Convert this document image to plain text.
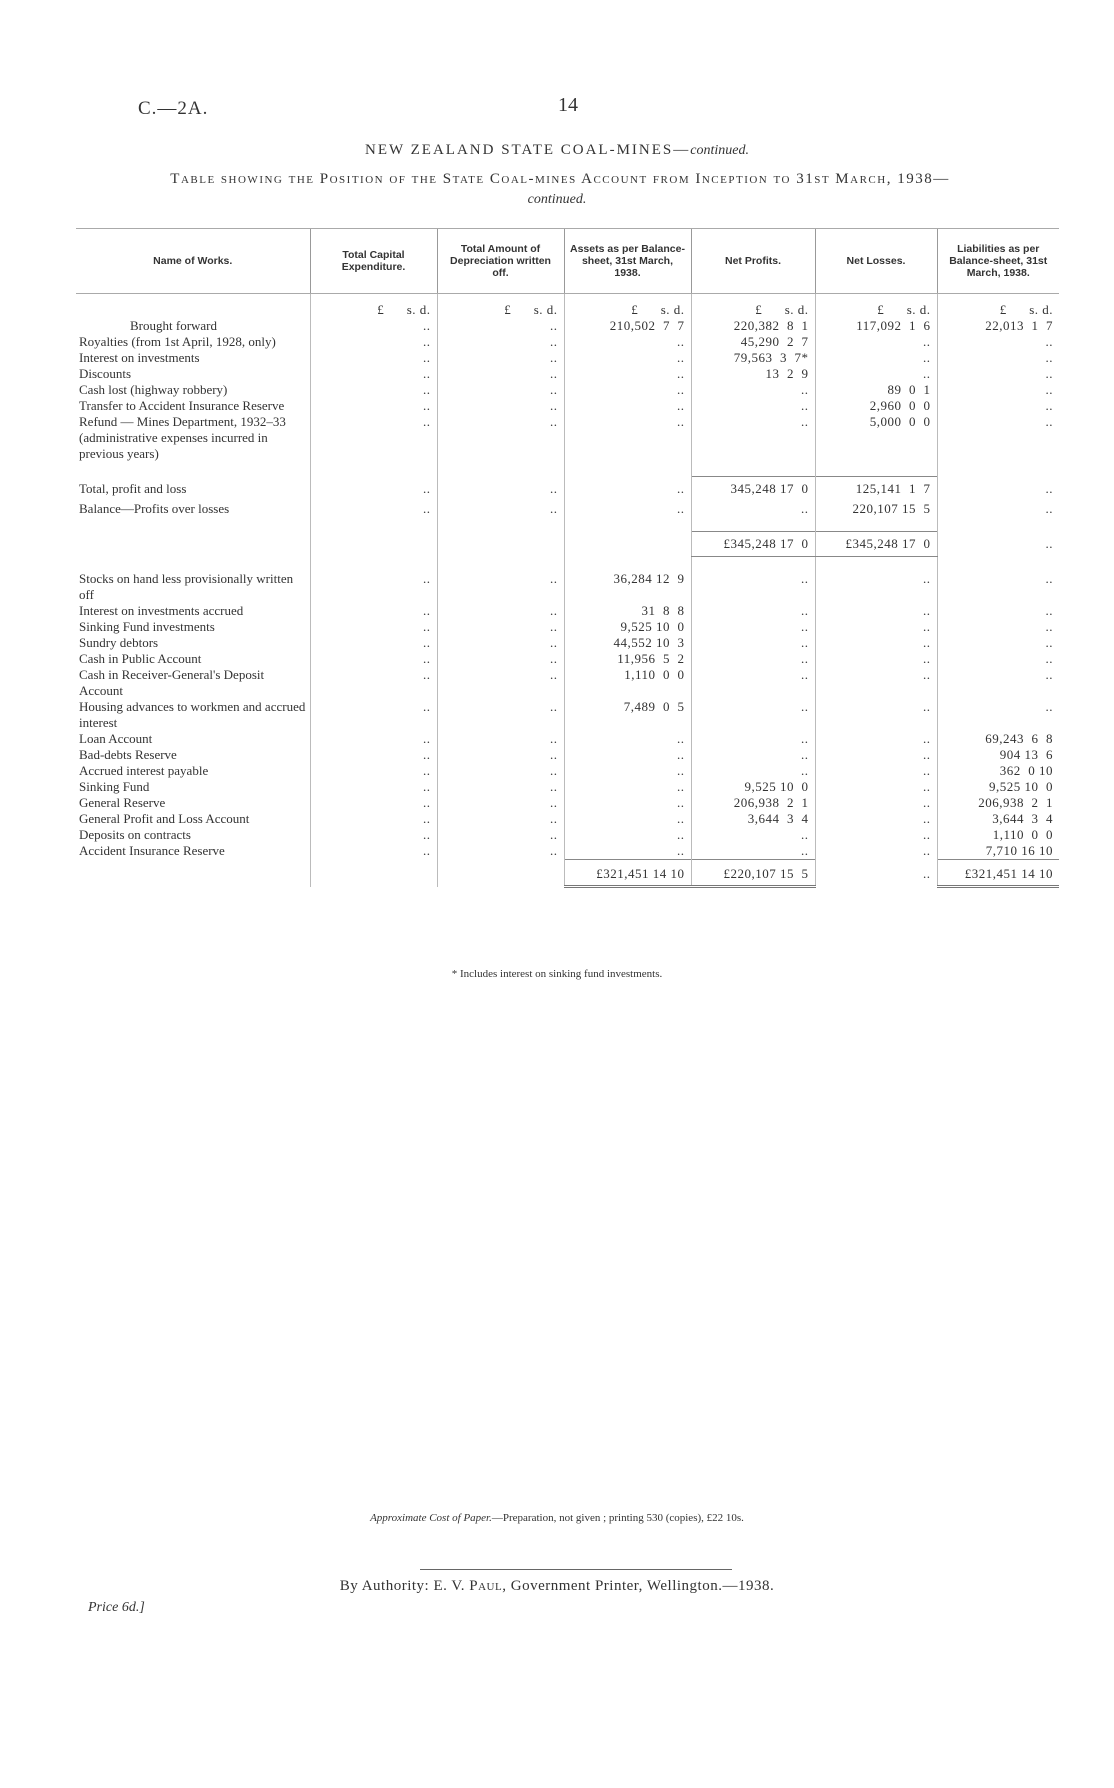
C.—2A.	14
NEW ZEALAND STATE COAL-MINES—continued.
Table showing the Position of the State Coal-mines Account from Inception to 31st March, 1938—
continued.
Name of Works.	Total Capital Expenditure.	Total Amount of Depreciation written off.	Assets as per Balance-sheet, 31st March, 1938.	Net Profits.	Net Losses.	Liabilities as per Balance-sheet, 31st March, 1938.
	£      s. d.	£      s. d.	£      s. d.	£      s. d.	£      s. d.	£      s. d.
Brought forward	..	..	210,502  7  7	220,382  8  1	117,092  1  6	22,013  1  7
Royalties (from 1st April, 1928, only)	..	..	..	45,290  2  7	..	..
Interest on investments	..	..	..	79,563  3  7*	..	..
Discounts	..	..	..	13  2  9	..	..
Cash lost (highway robbery)	..	..	..	..	89  0  1	..
Transfer to Accident Insurance Reserve	..	..	..	..	2,960  0  0	..
Refund — Mines Department, 1932–33 (administrative expenses incurred in previous years)	..	..	..	..	5,000  0  0	..

Total, profit and loss	..	..	..	345,248 17  0	125,141  1  7	..
Balance—Profits over losses	..	..	..	..	220,107 15  5	..

				£345,248 17  0	£345,248 17  0	..

Stocks on hand less provisionally written off	..	..	36,284 12  9	..	..	..
Interest on investments accrued	..	..	31  8  8	..	..	..
Sinking Fund investments	..	..	9,525 10  0	..	..	..
Sundry debtors	..	..	44,552 10  3	..	..	..
Cash in Public Account	..	..	11,956  5  2	..	..	..
Cash in Receiver-General's Deposit Account	..	..	1,110  0  0	..	..	..
Housing advances to workmen and accrued interest	..	..	7,489  0  5	..	..	..
Loan Account	..	..	..	..	..	69,243  6  8
Bad-debts Reserve	..	..	..	..	..	904 13  6
Accrued interest payable	..	..	..	..	..	362  0 10
Sinking Fund	..	..	..	9,525 10  0	..	9,525 10  0
General Reserve	..	..	..	206,938  2  1	..	206,938  2  1
General Profit and Loss Account	..	..	..	3,644  3  4	..	3,644  3  4
Deposits on contracts	..	..	..	..	..	1,110  0  0
Accident Insurance Reserve	..	..	..	..	..	7,710 16 10
			£321,451 14 10	£220,107 15  5	..	£321,451 14 10
* Includes interest on sinking fund investments.
Approximate Cost of Paper.—Preparation, not given ; printing 530 (copies), £22 10s.
By Authority: E. V. Paul, Government Printer, Wellington.—1938.
Price 6d.]
